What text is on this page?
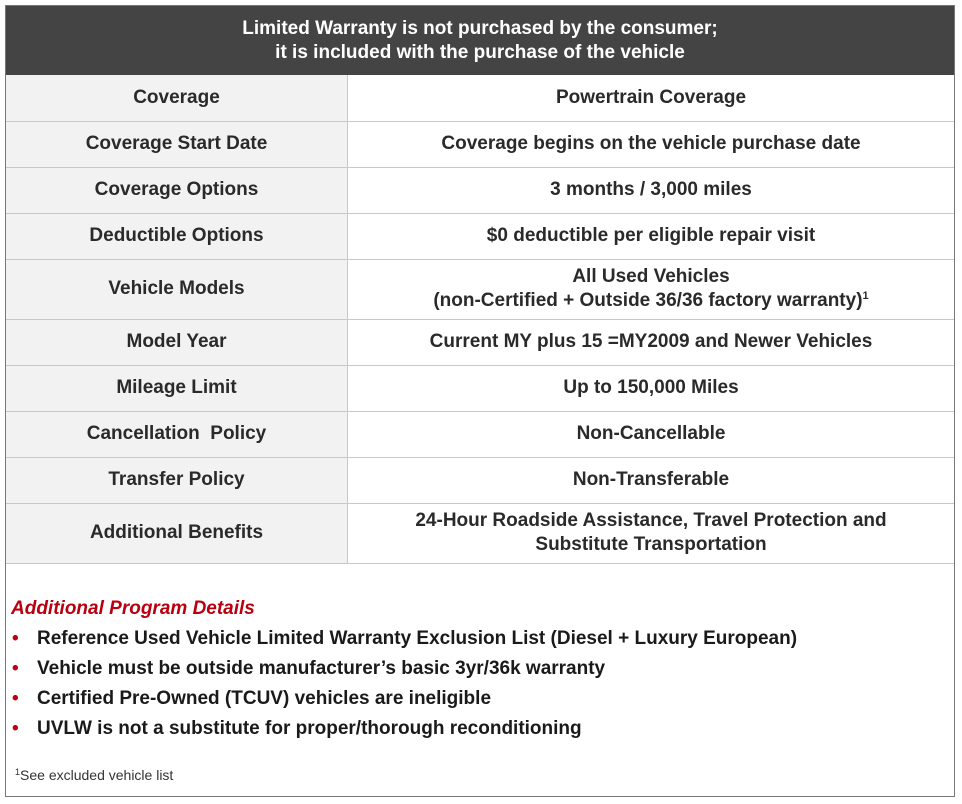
Limited Warranty is not purchased by the consumer;
it is included with the purchase of the vehicle
Coverage	Powertrain Coverage
Coverage Start Date	Coverage begins on the vehicle purchase date
Coverage Options	3 months / 3,000 miles
Deductible Options	$0 deductible per eligible repair visit
Vehicle Models	All Used Vehicles
(non-Certified + Outside 36/36 factory warranty)$^1$

Model Year	Current MY plus 15 =MY2009 and Newer Vehicles
Mileage Limit	Up to 150,000 Miles
Cancellation  Policy	Non-Cancellable
Transfer Policy	Non-Transferable
Additional Benefits	24-Hour Roadside Assistance, Travel Protection and
Substitute Transportation
Additional Program Details
• Reference Used Vehicle Limited Warranty Exclusion List (Diesel + Luxury European)
• Vehicle must be outside manufacturer’s basic 3yr/36k warranty
• Certified Pre-Owned (TCUV) vehicles are ineligible
• UVLW is not a substitute for proper/thorough reconditioning
$^1$See excluded vehicle list
